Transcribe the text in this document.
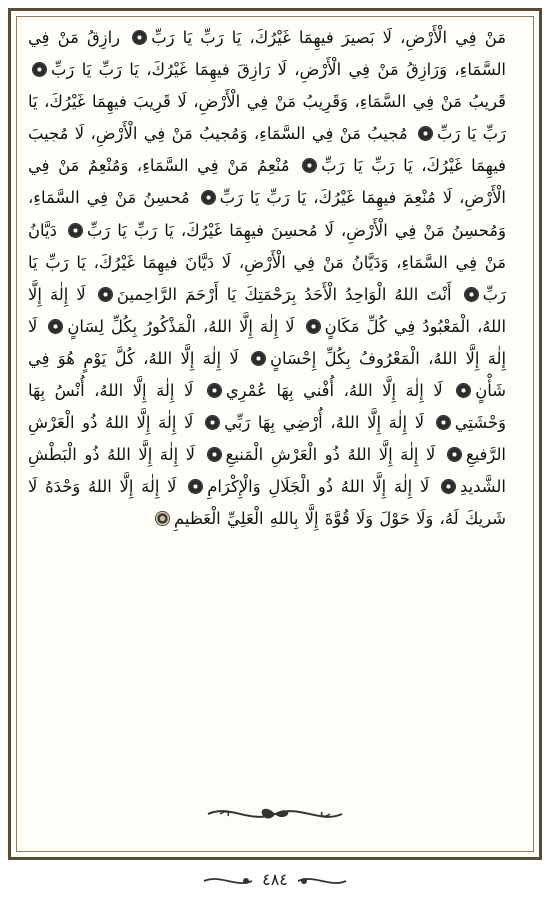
مَنْ فِي الْأَرْضِ، لَا بَصيرَ فيهِمَا غَيْرُكَ، يَا رَبِّ يَا رَبِّ رازِقُ مَنْ فِي السَّمَاءِ، وَرَازِقُ مَنْ فِي الْأَرْضِ، لَا رَازِقَ فيهِمَا غَيْرُكَ، يَا رَبِّ يَا رَبِّ قَريبُ مَنْ فِي السَّمَاءِ، وَقَرِيبُ مَنْ فِي الْأَرْضِ، لَا قَرِيبَ فيهِمَا غَيْرُكَ، يَا رَبِّ يَا رَبِّ مُجيبُ مَنْ فِي السَّمَاءِ، وَمُجيبُ مَنْ فِي الْأَرْضِ، لَا مُجيبَ فيهِمَا غَيْرُكَ، يَا رَبِّ يَا رَبِّ مُنْعِمُ مَنْ فِي السَّمَاءِ، وَمُنْعِمُ مَنْ فِي الْأَرْضِ، لَا مُنْعِمَ فيهِمَا غَيْرُكَ، يَا رَبِّ يَا رَبِّ مُحسِنُ مَنْ فِي السَّمَاءِ، وَمُحسِنُ مَنْ فِي الْأَرْضِ، لَا مُحسِنَ فيهِمَا غَيْرُكَ، يَا رَبِّ يَا رَبِّ دَيَّانُ مَنْ فِي السَّمَاءِ، وَدَيَّانُ مَنْ فِي الْأَرْضِ، لَا دَيَّانَ فيهِمَا غَيْرُكَ، يَا رَبِّ يَا رَبِّ أَنْتَ اللهُ الْوَاحِدُ الْأَحَدُ بِرَحْمَتِكَ يَا أَرْحَمَ الرَّاحِمينَ لَا إِلٰهَ إِلَّا اللهُ، الْمَعْبُودُ فِي كُلِّ مَكَانٍ لَا إِلٰهَ إِلَّا اللهُ، الْمَذْكُورُ بِكُلِّ لِسَانٍ لَا إِلٰهَ إِلَّا اللهُ، الْمَعْرُوفُ بِكُلِّ إِحْسَانٍ لَا إِلٰهَ إِلَّا اللهُ، كُلَّ يَوْمٍ هُوَ فِي شَأْنٍ لَا إِلٰهَ إِلَّا اللهُ، أُفْني بِهَا عُمْرِي لَا إِلٰهَ إِلَّا اللهُ، أُنْسُ بِهَا وَحْشَتِي لَا إِلٰهَ إِلَّا اللهُ، أُرْضِي بِهَا رَبِّي لَا إِلٰهَ إِلَّا اللهُ ذُو الْعَرْشِ الرَّفيعِ لَا إِلٰهَ إِلَّا اللهُ ذُو الْعَرْشِ الْمَنيعِ لَا إِلٰهَ إِلَّا اللهُ ذُو الْبَطْشِ الشَّديدِ لَا إِلٰهَ إِلَّا اللهُ ذُو الْجَلَالِ وَالْإِكْرَامِ لَا إِلٰهَ إِلَّا اللهُ وَحْدَهُ لَا شَريكَ لَهُ، وَلَا حَوْلَ وَلَا قُوَّةَ إِلَّا بِاللهِ الْعَلِيِّ الْعَظيمِ
٤٨٤
